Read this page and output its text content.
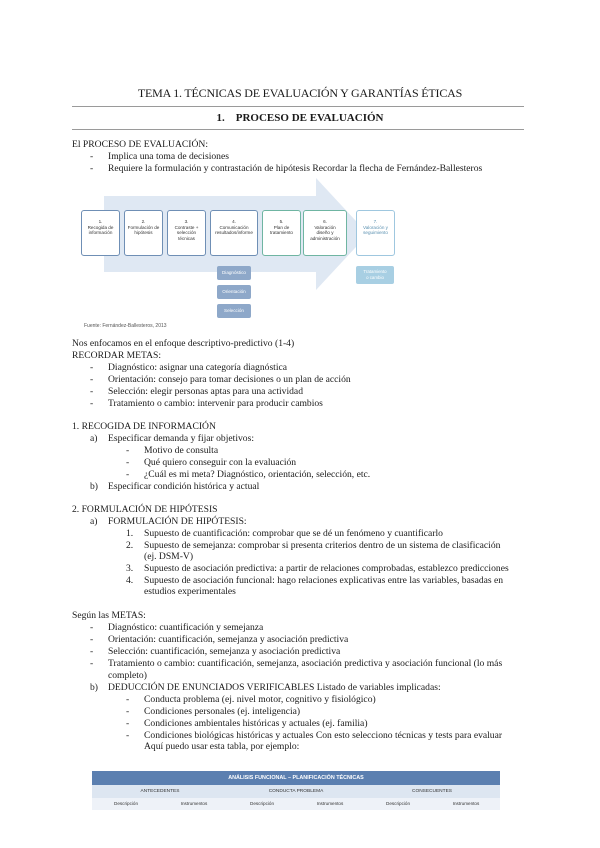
TEMA 1. TÉCNICAS DE EVALUACIÓN Y GARANTÍAS ÉTICAS
1. PROCESO DE EVALUACIÓN
El PROCESO DE EVALUACIÓN:
-	Implica una toma de decisiones
-	Requiere la formulación y contrastación de hipótesis Recordar la flecha de Fernández-Ballesteros
1.
Recogida de
información
2.
Formulación de
hipótesis
3.
Contraste +
selección
técnicas
4.
Comunicación
resultados/informe
5.
Plan de
tratamiento
6.
Valoración
diseño y
administración
7.
Valoración y
seguimiento
Diagnóstico
Orientación
Selección
Tratamiento
o cambio
Fuente: Fernández-Ballesteros, 2013
Nos enfocamos en el enfoque descriptivo-predictivo (1-4)
RECORDAR METAS:
-	Diagnóstico: asignar una categoría diagnóstica
-	Orientación: consejo para tomar decisiones o un plan de acción
-	Selección: elegir personas aptas para una actividad
-	Tratamiento o cambio: intervenir para producir cambios
1. RECOGIDA DE INFORMACIÓN
a) Especificar demanda y fijar objetivos:
-	Motivo de consulta
-	Qué quiero conseguir con la evaluación
-	¿Cuál es mi meta? Diagnóstico, orientación, selección, etc.
b) Especificar condición histórica y actual
2. FORMULACIÓN DE HIPÓTESIS
a) FORMULACIÓN DE HIPÓTESIS:
1. Supuesto de cuantificación: comprobar que se dé un fenómeno y cuantificarlo
2. Supuesto de semejanza: comprobar si presenta criterios dentro de un sistema de clasificación
(ej. DSM-V)
3. Supuesto de asociación predictiva: a partir de relaciones comprobadas, establezco predicciones
4. Supuesto de asociación funcional: hago relaciones explicativas entre las variables, basadas en
estudios experimentales
Según las METAS:
-	Diagnóstico: cuantificación y semejanza
-	Orientación: cuantificación, semejanza y asociación predictiva
-	Selección: cuantificación, semejanza y asociación predictiva
-	Tratamiento o cambio: cuantificación, semejanza, asociación predictiva y asociación funcional (lo más
completo)
b) DEDUCCIÓN DE ENUNCIADOS VERIFICABLES Listado de variables implicadas:
-	Conducta problema (ej. nivel motor, cognitivo y fisiológico)
-	Condiciones personales (ej. inteligencia)
-	Condiciones ambientales históricas y actuales (ej. familia)
-	Condiciones biológicas históricas y actuales Con esto selecciono técnicas y tests para evaluar
Aquí puedo usar esta tabla, por ejemplo:
ANÁLISIS FUNCIONAL – PLANIFICACIÓN TÉCNICAS
ANTECEDENTES	CONDUCTA PROBLEMA	CONSECUENTES
Descripción	Instrumentos	Descripción	Instrumentos	Descripción	Instrumentos
